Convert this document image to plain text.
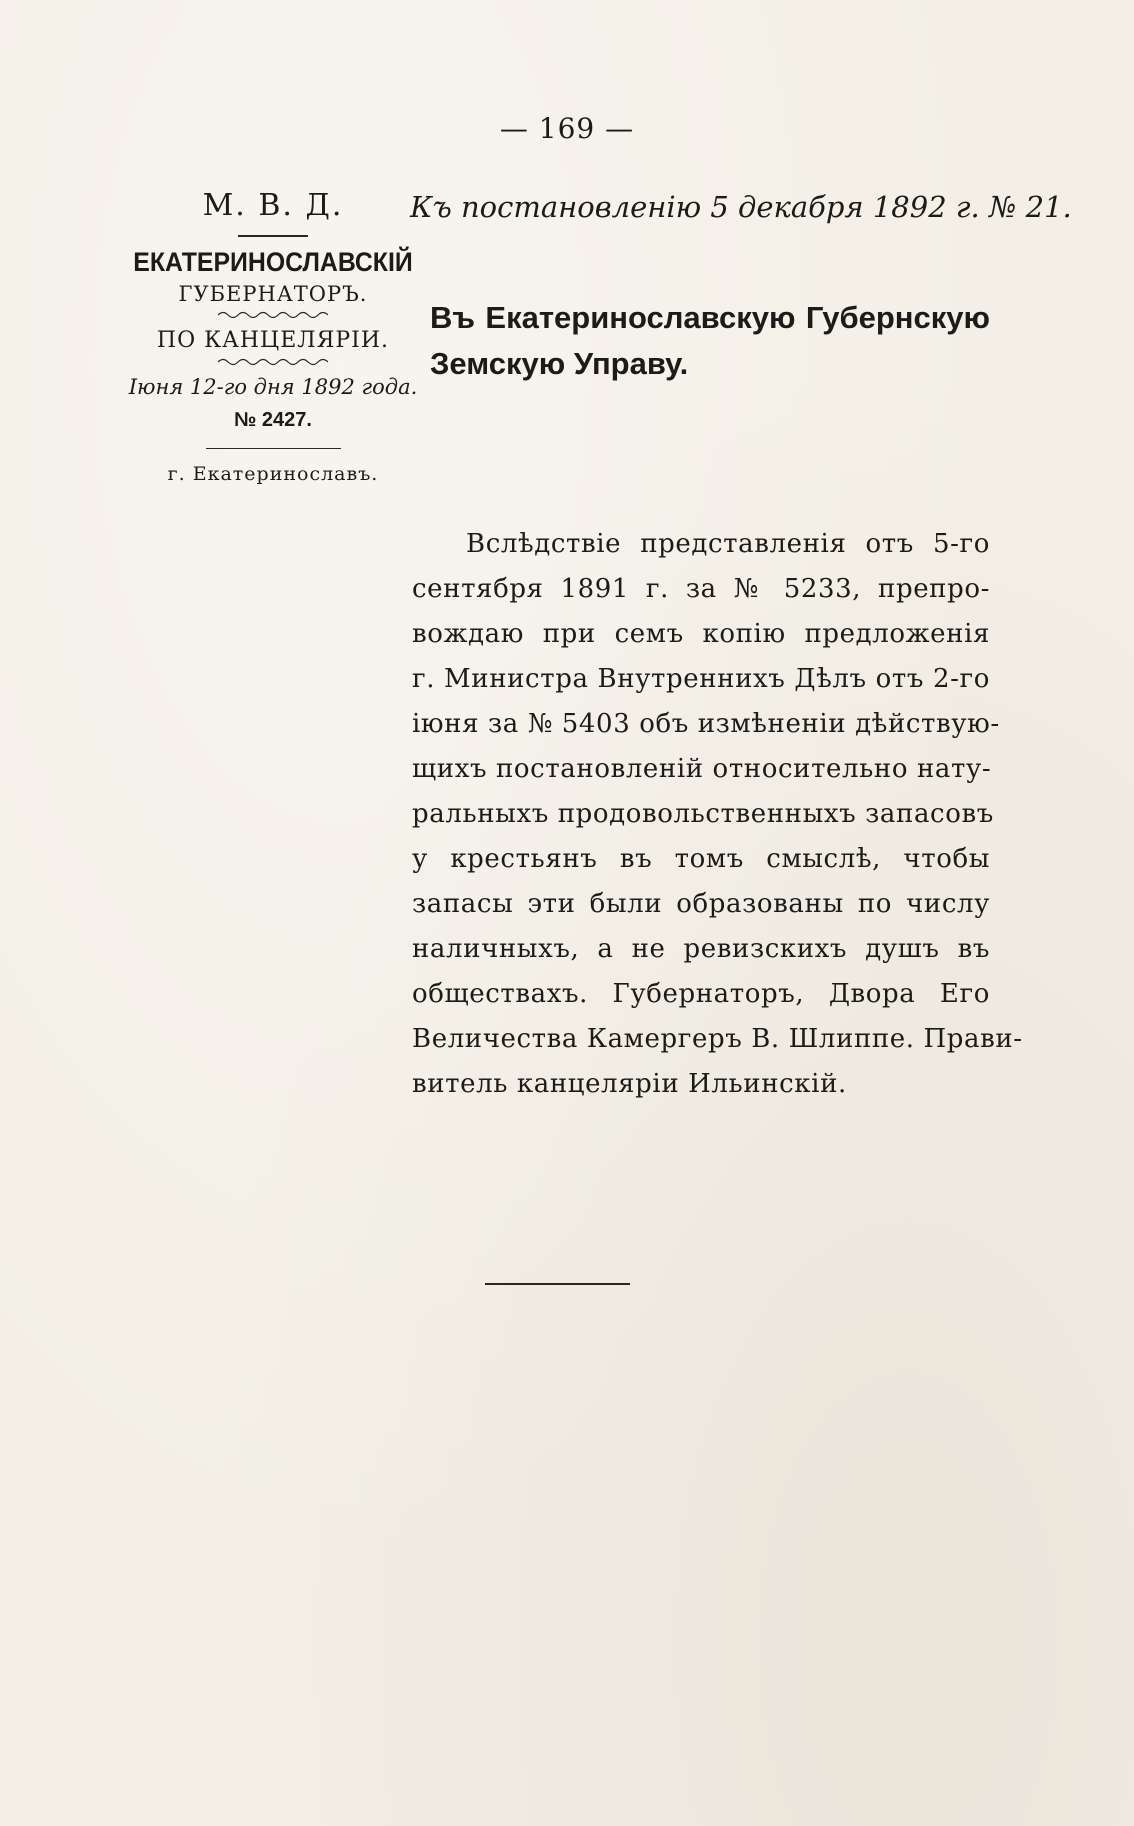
— 169 —
М. В. Д.
ЕКАТЕРИНОСЛАВСКІЙ
ГУБЕРНАТОРЪ.
ПО КАНЦЕЛЯРІИ.
Іюня 12-го дня 1892 года.
№ 2427.
г. Екатеринославъ.
Къ постановленію 5 декабря 1892 г. № 21.
Въ Екатеринославскую Губернскую
Земскую Управу.
Вслѣдствіе представленія отъ 5-го
сентября 1891 г. за № 5233, препро-
вождаю при семъ копію предложенія
г. Министра Внутреннихъ Дѣлъ отъ 2-го
іюня за № 5403 объ измѣненіи дѣйствую-
щихъ постановленій относительно нату-
ральныхъ продовольственныхъ запасовъ
у крестьянъ въ томъ смыслѣ, чтобы
запасы эти были образованы по числу
наличныхъ, а не ревизскихъ душъ въ
обществахъ. Губернаторъ, Двора Его
Величества Камергеръ В. Шлиппе. Прави-
витель канцеляріи Ильинскій.
